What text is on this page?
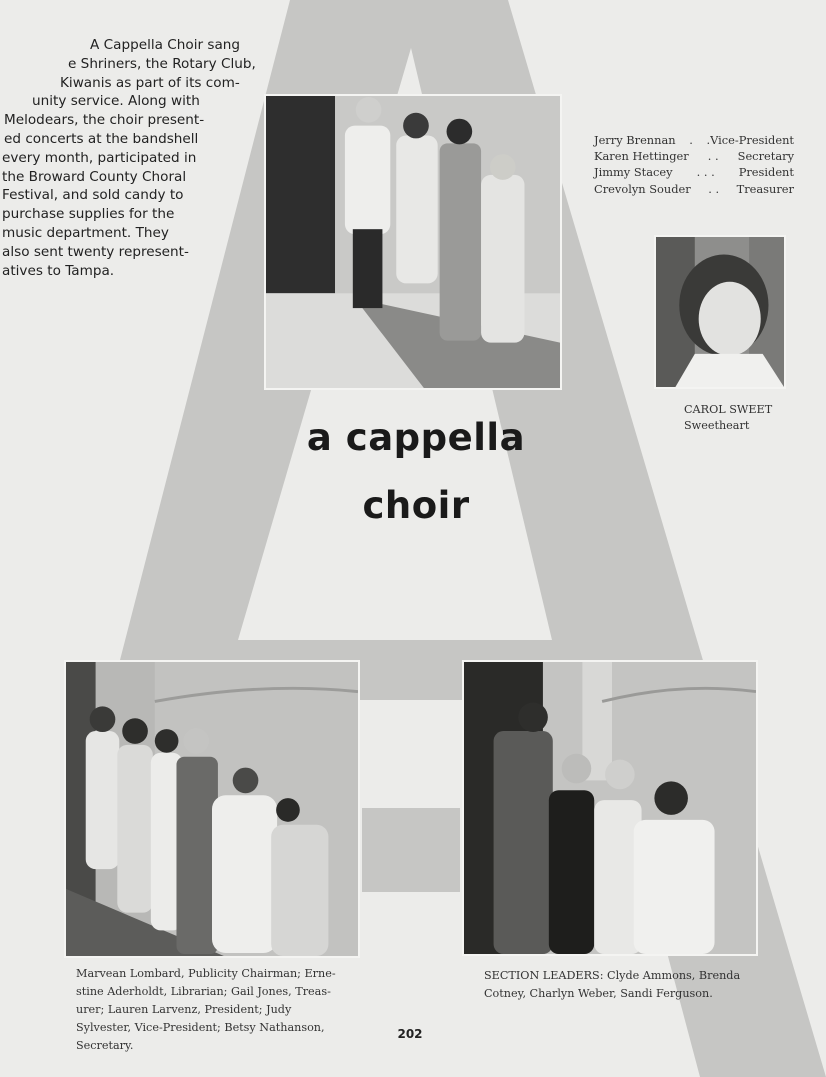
A Cappella Choir sang
e Shriners, the Rotary Club,
Kiwanis as part of its com-
unity service. Along with
Melodears, the choir present-
ed concerts at the bandshell
every month, participated in
the Broward County Choral
Festival, and sold candy to
purchase supplies for the
music department. They
also sent twenty represent-
atives to Tampa.
Jerry Brennan . .Vice-President
Karen Hettinger . . Secretary
Jimmy Stacey . . . President
Crevolyn Souder . . Treasurer
CAROL SWEET
Sweetheart
a cappella
choir
Marvean Lombard, Publicity Chairman; Erne-
stine Aderholdt, Librarian; Gail Jones, Treas-
urer; Lauren Larvenz, President; Judy
Sylvester, Vice-President; Betsy Nathanson,
Secretary.
SECTION LEADERS: Clyde Ammons, Brenda
Cotney, Charlyn Weber, Sandi Ferguson.
202
